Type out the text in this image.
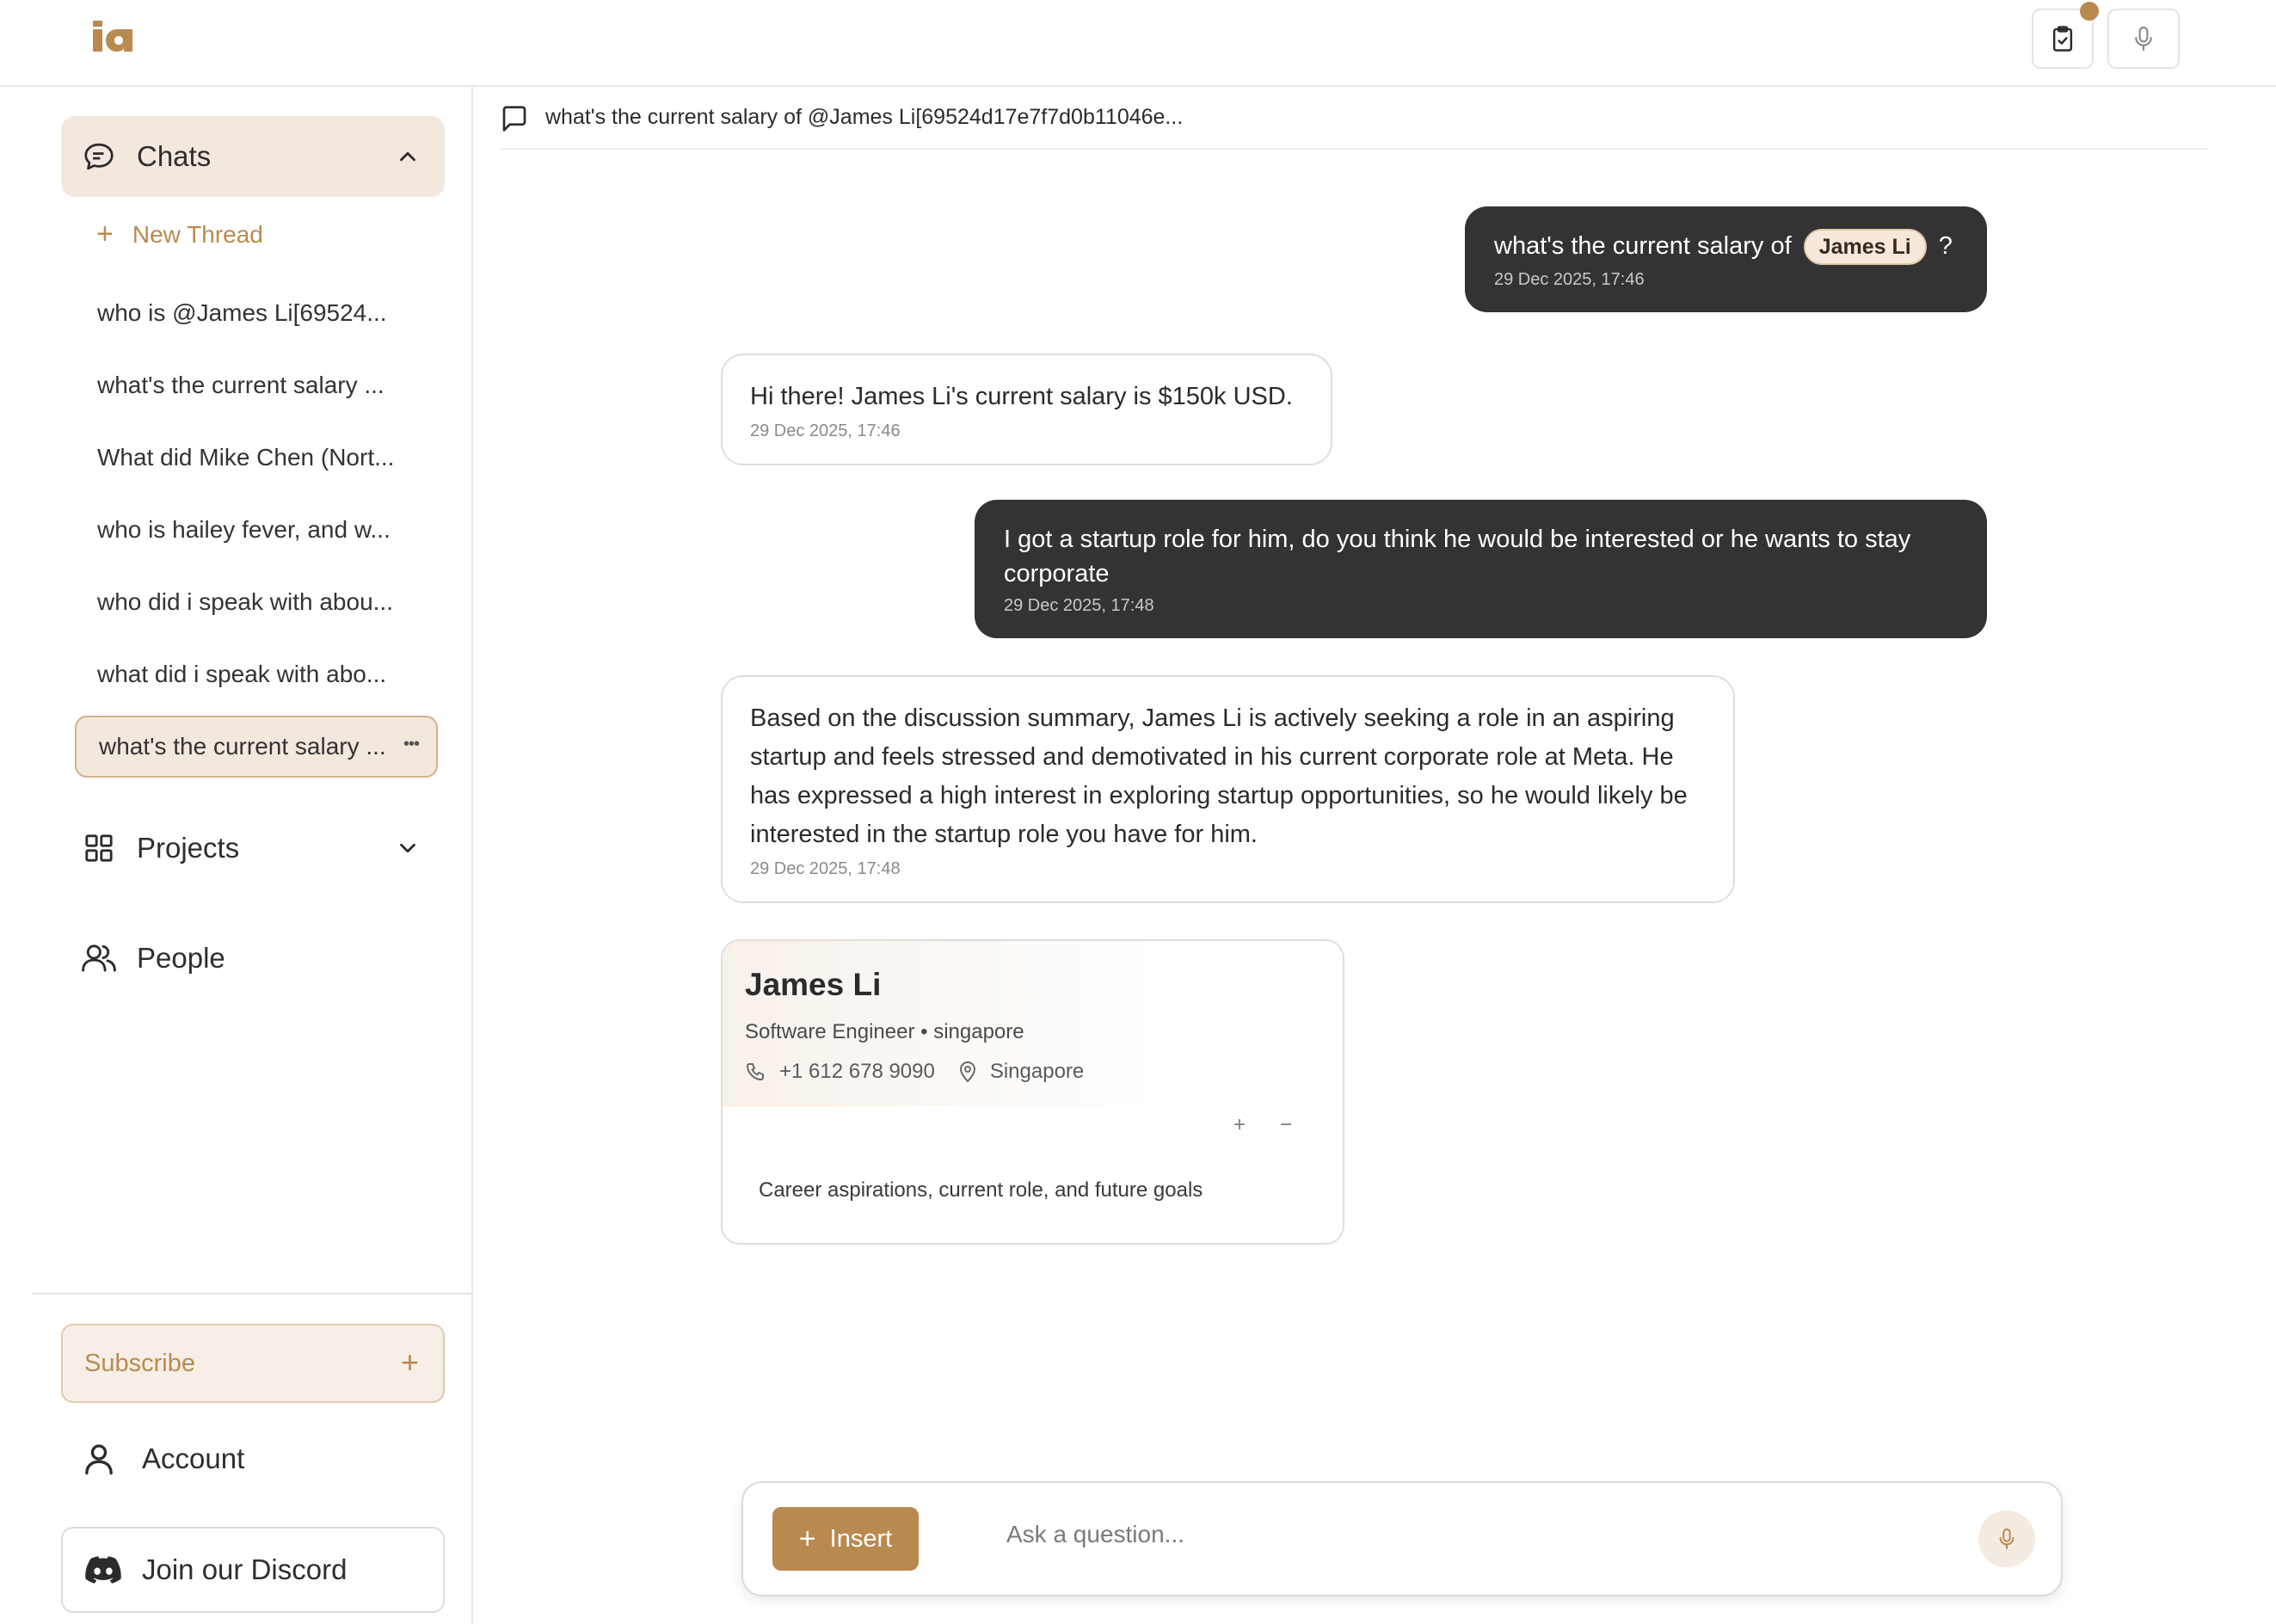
Chats
+ New Thread
who is @James Li[69524...
what's the current salary ...
What did Mike Chen (Nort...
who is hailey fever, and w...
who did i speak with abou...
what did i speak with abo...
what's the current salary ... •••
Projects
People
Subscribe	+
Account
Join our Discord
what's the current salary of @James Li[69524d17e7f7d0b11046e...
what's the current salary of James Li ?
29 Dec 2025, 17:46
Hi there! James Li's current salary is $150k USD.
29 Dec 2025, 17:46
I got a startup role for him, do you think he would be interested or he wants to stay corporate
29 Dec 2025, 17:48
Based on the discussion summary, James Li is actively seeking a role in an aspiring startup and feels stressed and demotivated in his current corporate role at Meta. He has expressed a high interest in exploring startup opportunities, so he would likely be interested in the startup role you have for him.
29 Dec 2025, 17:48
James Li
Software Engineer • singapore
+1 612 678 9090	Singapore
+ −
Career aspirations, current role, and future goals
+ Insert
Ask a question...
